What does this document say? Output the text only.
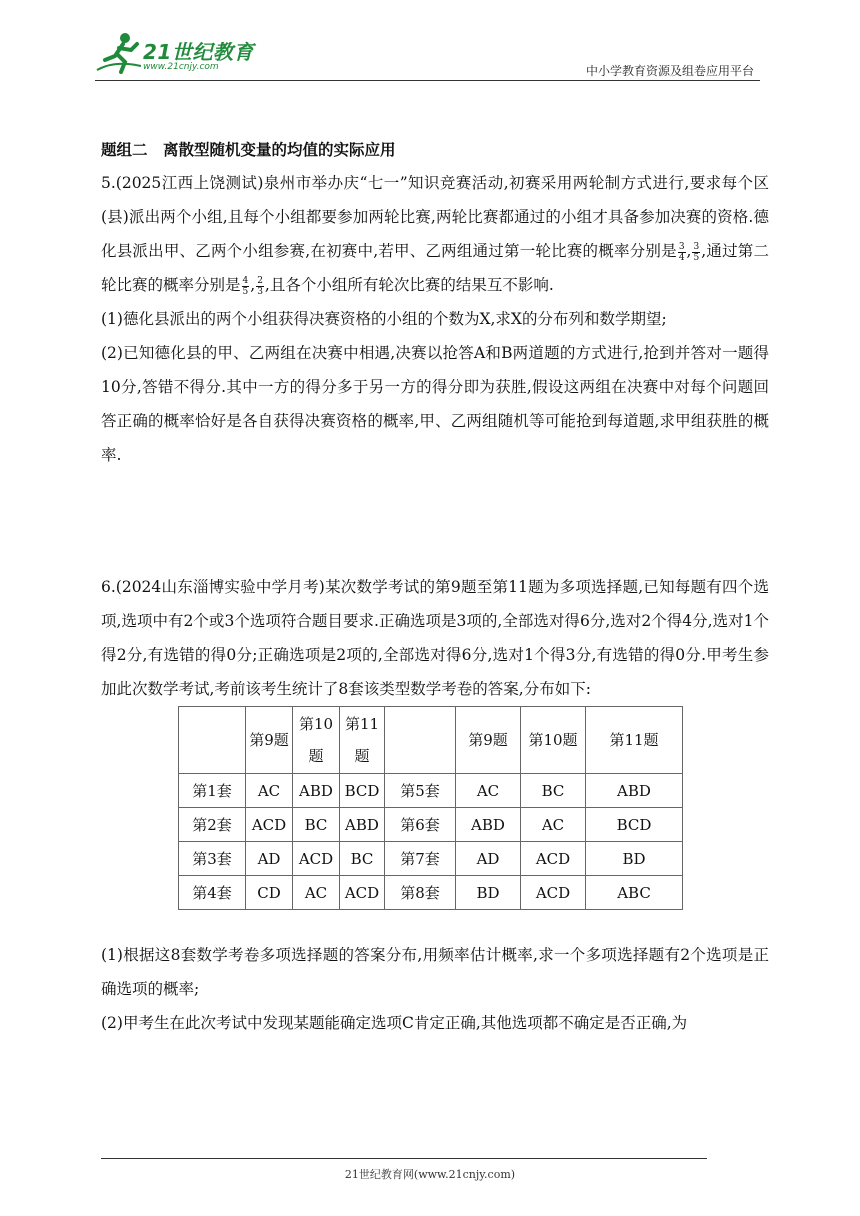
21世纪教育
www.21cnjy.com	中小学教育资源及组卷应用平台
题组二　离散型随机变量的均值的实际应用

5.(2025江西上饶测试)泉州市举办庆“七一”知识竞赛活动,初赛采用两轮制方式进行,要求每个区(县)派出两个小组,且每个小组都要参加两轮比赛,两轮比赛都通过的小组才具备参加决赛的资格.德化县派出甲、乙两个小组参赛,在初赛中,若甲、乙两组通过第一轮比赛的概率分别是 $\frac{3}{4}$ , $\frac{3}{5}$ ,通过第二轮比赛的概率分别是 $\frac{4}{5}$ , $\frac{2}{3}$ ,且各个小组所有轮次比赛的结果互不影响.

(1)德化县派出的两个小组获得决赛资格的小组的个数为X,求X的分布列和数学期望;

(2)已知德化县的甲、乙两组在决赛中相遇,决赛以抢答A和B两道题的方式进行,抢到并答对一题得10分,答错不得分.其中一方的得分多于另一方的得分即为获胜,假设这两组在决赛中对每个问题回答正确的概率恰好是各自获得决赛资格的概率,甲、乙两组随机等可能抢到每道题,求甲组获胜的概率.

6.(2024山东淄博实验中学月考)某次数学考试的第9题至第11题为多项选择题,已知每题有四个选项,选项中有2个或3个选项符合题目要求.正确选项是3项的,全部选对得6分,选对2个得4分,选对1个得2分,有选错的得0分;正确选项是2项的,全部选对得6分,选对1个得3分,有选错的得0分.甲考生参加此次数学考试,考前该考生统计了8套该类型数学考卷的答案,分布如下:

	第9题	第10题	第11题		第9题	第10题	第11题
第1套	AC	ABD	BCD	第5套	AC	BC	ABD
第2套	ACD	BC	ABD	第6套	ABD	AC	BCD
第3套	AD	ACD	BC	第7套	AD	ACD	BD
第4套	CD	AC	ACD	第8套	BD	ACD	ABC

(1)根据这8套数学考卷多项选择题的答案分布,用频率估计概率,求一个多项选择题有2个选项是正确选项的概率;

(2)甲考生在此次考试中发现某题能确定选项C肯定正确,其他选项都不确定是否正确,为

21世纪教育网(www.21cnjy.com)
